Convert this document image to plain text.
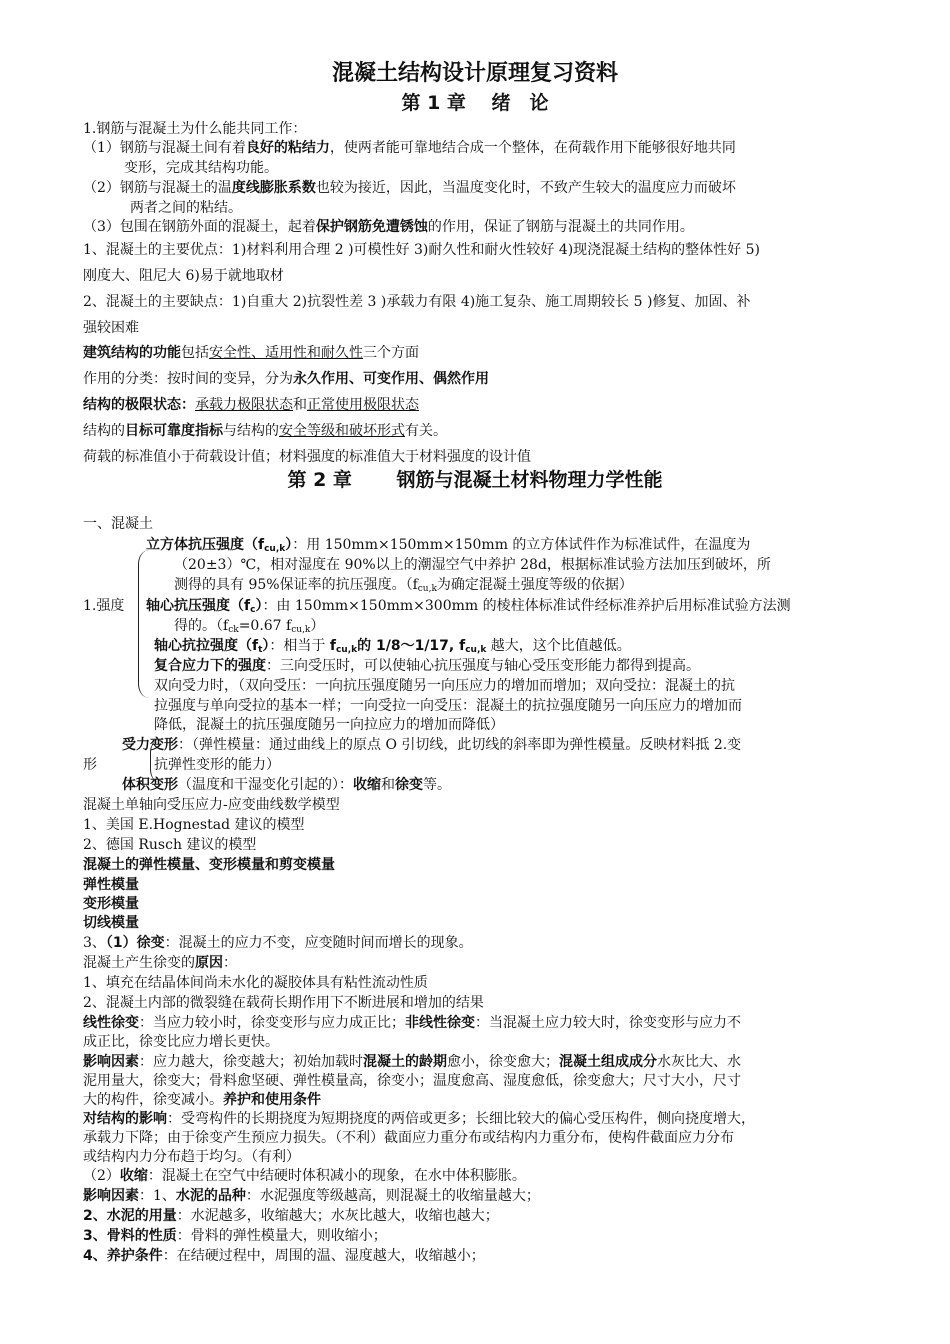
混凝土结构设计原理复习资料
第 1 章　 绪　论
1.钢筋与混凝土为什么能共同工作：
（1）钢筋与混凝土间有着良好的粘结力，使两者能可靠地结合成一个整体，在荷载作用下能够很好地共同
变形，完成其结构功能。
（2）钢筋与混凝土的温度线膨胀系数也较为接近，因此，当温度变化时，不致产生较大的温度应力而破坏
两者之间的粘结。
（3）包围在钢筋外面的混凝土，起着保护钢筋免遭锈蚀的作用，保证了钢筋与混凝土的共同作用。
1、混凝土的主要优点：1)材料利用合理 2 )可模性好 3)耐久性和耐火性较好 4)现浇混凝土结构的整体性好 5)
刚度大、阻尼大 6)易于就地取材
2、混凝土的主要缺点：1)自重大 2)抗裂性差 3 )承载力有限 4)施工复杂、施工周期较长 5 )修复、加固、补
强较困难
建筑结构的功能包括安全性、适用性和耐久性三个方面
作用的分类：按时间的变异，分为永久作用、可变作用、偶然作用
结构的极限状态：承载力极限状态和正常使用极限状态
结构的目标可靠度指标与结构的安全等级和破坏形式有关。
荷载的标准值小于荷载设计值；材料强度的标准值大于材料强度的设计值
第 2 章　　 钢筋与混凝土材料物理力学性能
一、混凝土
1.强度
立方体抗压强度$(f_{cu,k})$：用 150mm×150mm×150mm 的立方体试件作为标准试件，在温度为
（20±3）℃，相对湿度在 90%以上的潮湿空气中养护 28d，根据标准试验方法加压到破坏，所
测得的具有 95%保证率的抗压强度。（$f_{cu,k}$为确定混凝土强度等级的依据）
轴心抗压强度$(f_c)$：由 150mm×150mm×300mm 的棱柱体标准试件经标准养护后用标准试验方法测
得的。（$f_{ck}=0.67$ $f_{cu,k}$）
轴心抗拉强度$(f_t)$：相当于 $f_{cu,k}$的 1/8～1/17, $f_{cu,k}$ 越大，这个比值越低。
复合应力下的强度：三向受压时，可以使轴心抗压强度与轴心受压变形能力都得到提高。
双向受力时，（双向受压：一向抗压强度随另一向压应力的增加而增加；双向受拉：混凝土的抗
拉强度与单向受拉的基本一样；一向受拉一向受压：混凝土的抗拉强度随另一向压应力的增加而
降低，混凝土的抗压强度随另一向拉应力的增加而降低）
受力变形：（弹性模量：通过曲线上的原点 O 引切线，此切线的斜率即为弹性模量。反映材料抵 2.变
形	抗弹性变形的能力）
体积变形（温度和干湿变化引起的）：收缩和徐变等。
混凝土单轴向受压应力-应变曲线数学模型
1、美国 E.Hognestad 建议的模型
2、德国 Rusch 建议的模型
混凝土的弹性模量、变形模量和剪变模量
弹性模量
变形模量
切线模量
3、（1）徐变：混凝土的应力不变，应变随时间而增长的现象。
混凝土产生徐变的原因：
1、填充在结晶体间尚未水化的凝胶体具有粘性流动性质
2、混凝土内部的微裂缝在载荷长期作用下不断进展和增加的结果
线性徐变：当应力较小时，徐变变形与应力成正比；非线性徐变：当混凝土应力较大时，徐变变形与应力不
成正比，徐变比应力增长更快。
影响因素：应力越大，徐变越大；初始加载时混凝土的龄期愈小，徐变愈大；混凝土组成成分水灰比大、水
泥用量大，徐变大；骨料愈坚硬、弹性模量高，徐变小；温度愈高、湿度愈低，徐变愈大；尺寸大小，尺寸
大的构件，徐变减小。养护和使用条件
对结构的影响：受弯构件的长期挠度为短期挠度的两倍或更多；长细比较大的偏心受压构件，侧向挠度增大，
承载力下降；由于徐变产生预应力损失。（不利）截面应力重分布或结构内力重分布，使构件截面应力分布
或结构内力分布趋于均匀。（有利）
（2）收缩：混凝土在空气中结硬时体积减小的现象，在水中体积膨胀。
影响因素：1、水泥的品种：水泥强度等级越高，则混凝土的收缩量越大；
2、水泥的用量：水泥越多，收缩越大；水灰比越大，收缩也越大；
3、骨料的性质：骨料的弹性模量大，则收缩小；
4、养护条件：在结硬过程中，周围的温、湿度越大，收缩越小；
